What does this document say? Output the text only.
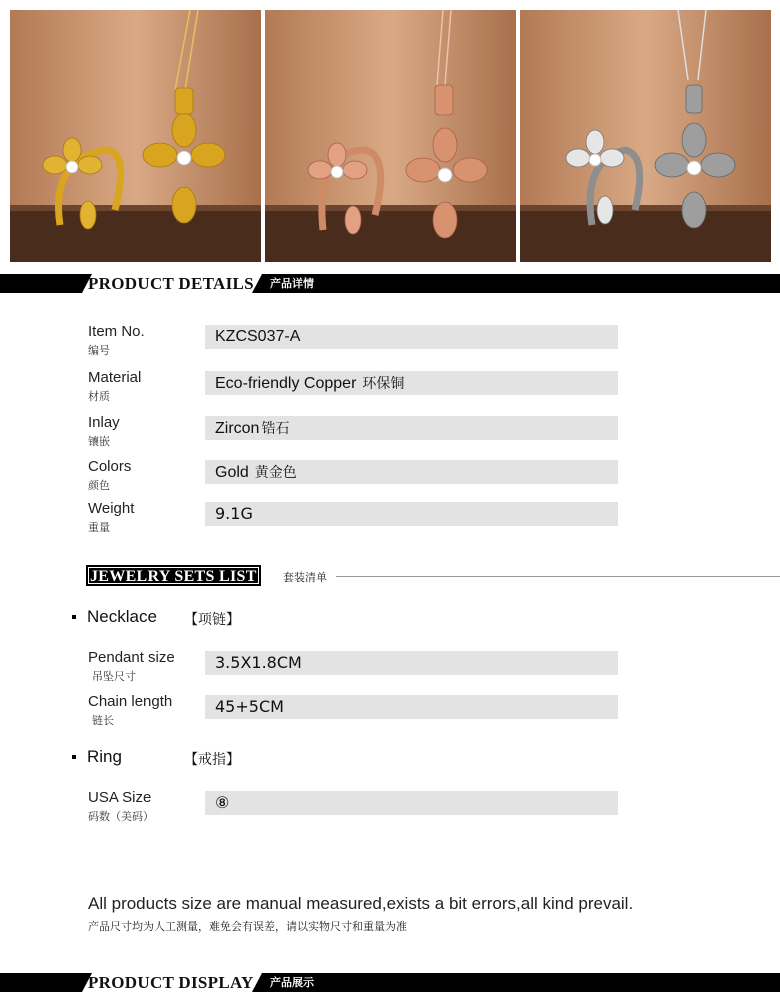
PRODUCT DETAILS 产品详情
Item No.
编号
KZCS037-A
Material
材质
Eco-friendly Copper 环保铜
Inlay
镶嵌
Zircon 锆石
Colors
颜色
Gold 黄金色
Weight
重量
9.1G
JEWELRY SETS LIST	套装清单
Necklace 【项链】
Pendant size
吊坠尺寸
3.5X1.8CM
Chain length
链长
45+5CM
Ring	【戒指】
USA Size
码数（美码）
⑧
All products size are manual measured,exists a bit errors,all kind prevail.
产品尺寸均为人工测量，难免会有误差，请以实物尺寸和重量为准
PRODUCT DISPLAY 产品展示
